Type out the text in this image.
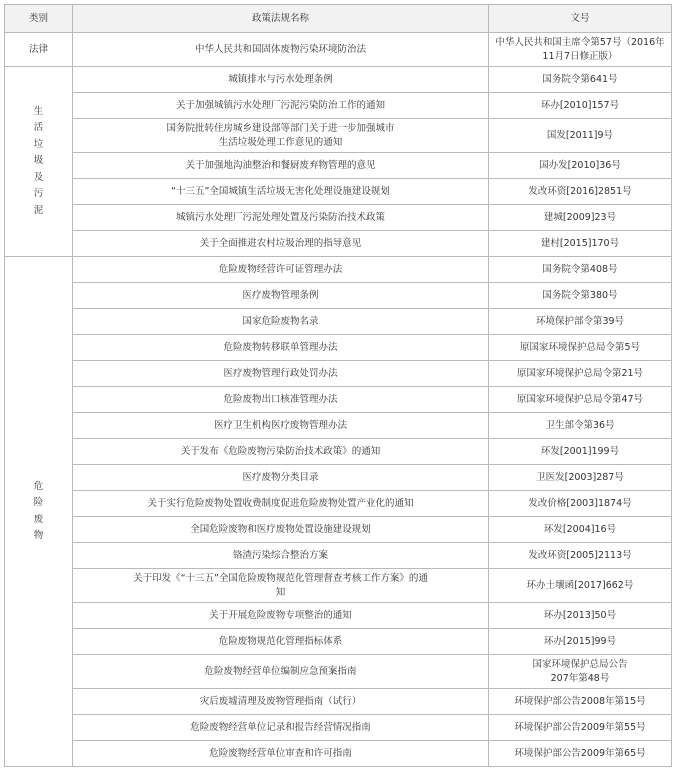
类别	政策法规名称	文号
法律	中华人民共和国固体废物污染环境防治法	中华人民共和国主席令第57号（2016年11月7日修正版）
生活垃圾及污泥	城镇排水与污水处理条例	国务院令第641号
	关于加强城镇污水处理厂污泥污染防治工作的通知	环办[2010]157号
	国务院批转住房城乡建设部等部门关于进一步加强城市生活垃圾处理工作意见的通知	国发[2011]9号
	关于加强地沟油整治和餐厨废弃物管理的意见	国办发[2010]36号
	“十三五”全国城镇生活垃圾无害化处理设施建设规划	发改环资[2016]2851号
	城镇污水处理厂污泥处理处置及污染防治技术政策	建城[2009]23号
	关于全面推进农村垃圾治理的指导意见	建村[2015]170号
危险废物	危险废物经营许可证管理办法	国务院令第408号
	医疗废物管理条例	国务院令第380号
	国家危险废物名录	环境保护部令第39号
	危险废物转移联单管理办法	原国家环境保护总局令第5号
	医疗废物管理行政处罚办法	原国家环境保护总局令第21号
	危险废物出口核准管理办法	原国家环境保护总局令第47号
	医疗卫生机构医疗废物管理办法	卫生部令第36号
	关于发布《危险废物污染防治技术政策》的通知	环发[2001]199号
	医疗废物分类目录	卫医发[2003]287号
	关于实行危险废物处置收费制度促进危险废物处置产业化的通知	发改价格[2003]1874号
	全国危险废物和医疗废物处置设施建设规划	环发[2004]16号
	铬渣污染综合整治方案	发改环资[2005]2113号
	关于印发《“十三五”全国危险废物规范化管理督查考核工作方案》的通知	环办土壤函[2017]662号
	关于开展危险废物专项整治的通知	环办[2013]50号
	危险废物规范化管理指标体系	环办[2015]99号
	危险废物经营单位编制应急预案指南	国家环境保护总局公告207年第48号
	灾后废墟清理及废物管理指南（试行）	环境保护部公告2008年第15号
	危险废物经营单位记录和报告经营情况指南	环境保护部公告2009年第55号
	危险废物经营单位审查和许可指南	环境保护部公告2009年第65号
